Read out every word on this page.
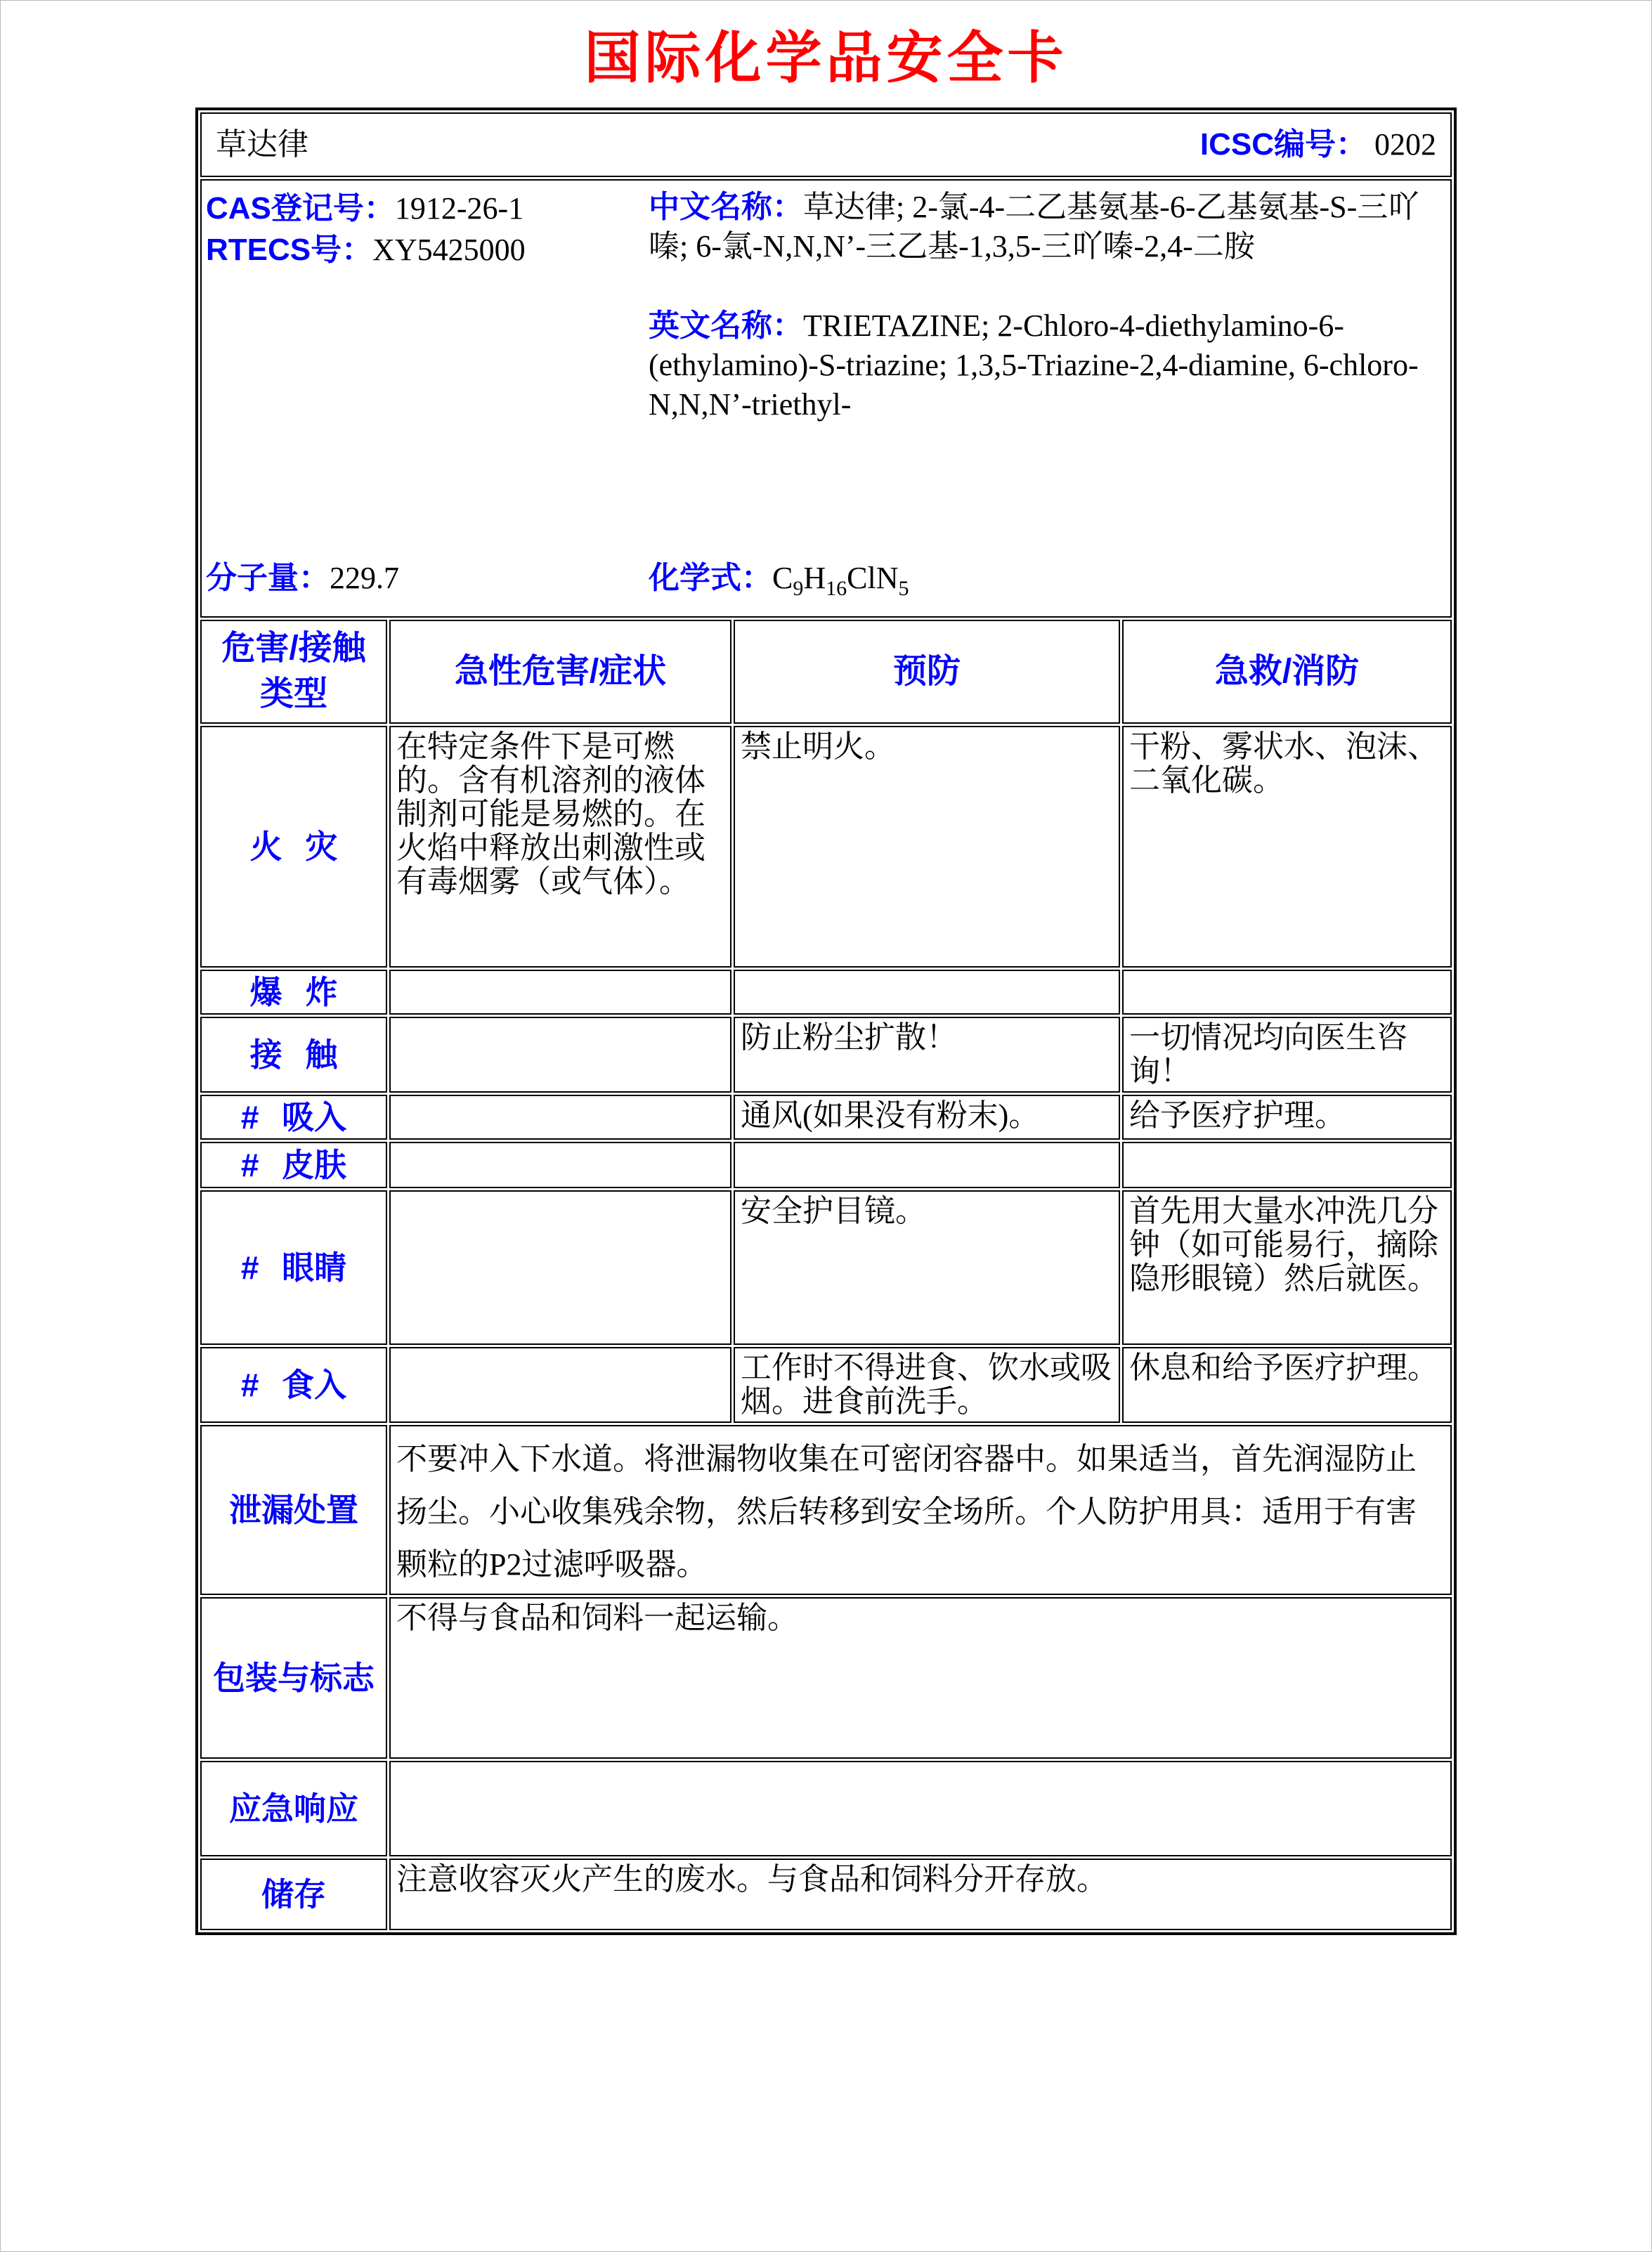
国际化学品安全卡
草达律 ICSC编号： 0202			

CAS登记号：1912-26-1
RTECS号：XY5425000
中文名称：草达律; 2-氯-4-二乙基氨基-6-乙基氨基-S-三吖嗪; 6-氯-N,N,N’-三乙基-1,3,5-三吖嗪-2,4-二胺
英文名称：TRIETAZINE; 2-Chloro-4-diethylamino-6-(ethylamino)-S-triazine; 1,3,5-Triazine-2,4-diamine, 6-chloro-N,N,N’-triethyl-
分子量：229.7	化学式：$C_9H_{16}ClN_5$

危害/接触类型	急性危害/症状	预防	急救/消防
火 灾	在特定条件下是可燃的。含有机溶剂的液体制剂可能是易燃的。在火焰中释放出刺激性或有毒烟雾（或气体）。	禁止明火。	干粉、雾状水、泡沫、二氧化碳。
爆 炸			
接 触		防止粉尘扩散！	一切情况均向医生咨询！
# 吸入		通风(如果没有粉末)。	给予医疗护理。
# 皮肤			
# 眼睛		安全护目镜。	首先用大量水冲洗几分钟（如可能易行，摘除隐形眼镜）然后就医。
# 食入		工作时不得进食、饮水或吸烟。进食前洗手。	休息和给予医疗护理。
泄漏处置	不要冲入下水道。将泄漏物收集在可密闭容器中。如果适当，首先润湿防止扬尘。小心收集残余物，然后转移到安全场所。个人防护用具：适用于有害颗粒的P2过滤呼吸器。		
包装与标志	不得与食品和饲料一起运输。		
应急响应			
储存	注意收容灭火产生的废水。与食品和饲料分开存放。		
